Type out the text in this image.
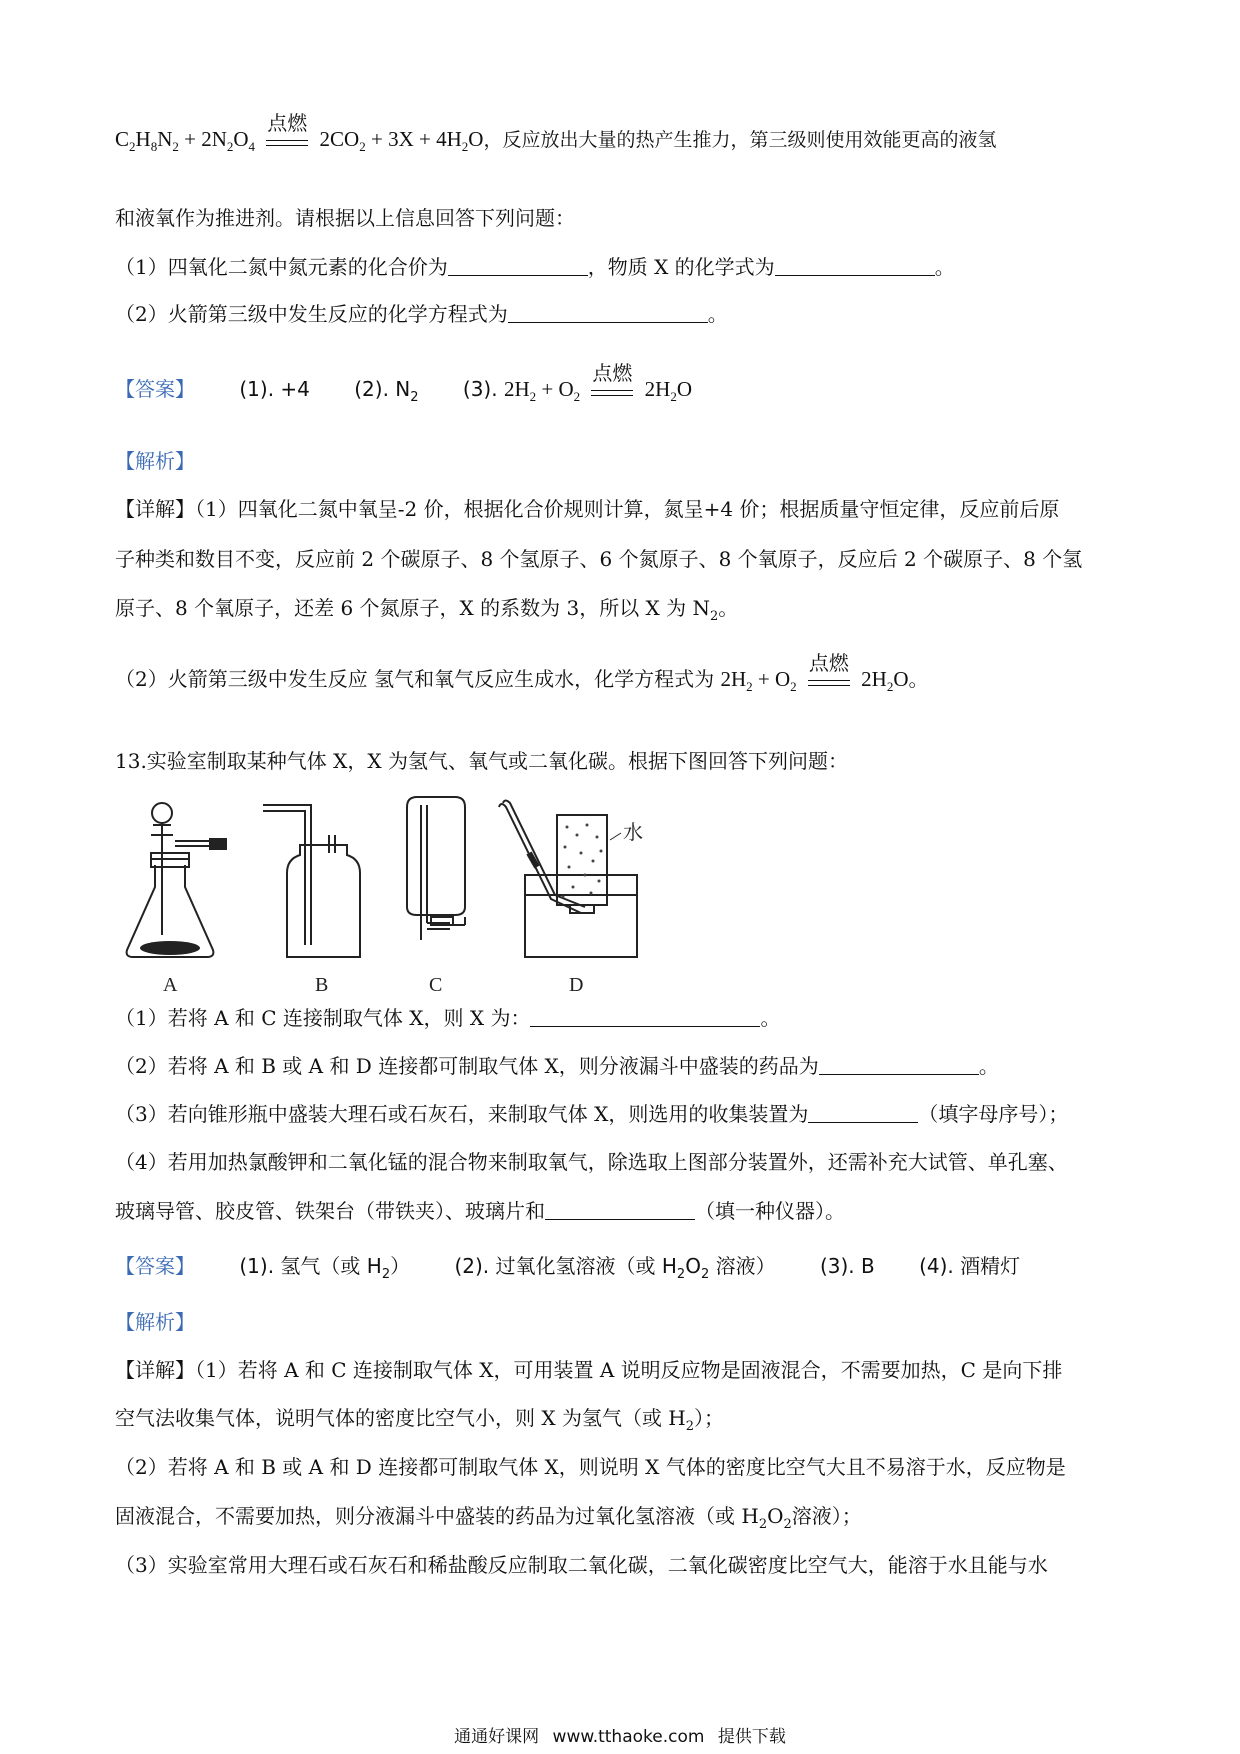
$C_2H_8N_2 + 2N_2O_4$
点燃
$2CO_2 + 3X + 4H_2O$，反应放出大量的热产生推力，第三级则使用效能更高的液氢
和液氧作为推进剂。请根据以上信息回答下列问题：
（1）四氧化二氮中氮元素的化合价为	，物质 X 的化学式为	。
（2）火箭第三级中发生反应的化学方程式为	。
【答案】 (1). +4 (2). $N_2$ (3). $2H_2 + O_2$
点燃
$2H_2O$
【解析】
【详解】（1）四氧化二氮中氧呈-2 价，根据化合价规则计算，氮呈+4 价；根据质量守恒定律，反应前后原
子种类和数目不变，反应前 2 个碳原子、8 个氢原子、6 个氮原子、8 个氧原子，反应后 2 个碳原子、8 个氢
原子、8 个氧原子，还差 6 个氮原子，X 的系数为 3，所以 X 为 $N_2$。
（2）火箭第三级中发生反应 氢气和氧气反应生成水，化学方程式为 $2H_2 + O_2$
点燃
$2H_2O$。
13.实验室制取某种气体 X，X 为氢气、氧气或二氧化碳。根据下图回答下列问题：
水
A	B	C	D
（1）若将 A 和 C 连接制取气体 X，则 X 为：	。
（2）若将 A 和 B 或 A 和 D 连接都可制取气体 X，则分液漏斗中盛装的药品为	。
（3）若向锥形瓶中盛装大理石或石灰石，来制取气体 X，则选用的收集装置为	（填字母序号）；
（4）若用加热氯酸钾和二氧化锰的混合物来制取氧气，除选取上图部分装置外，还需补充大试管、单孔塞、
玻璃导管、胶皮管、铁架台（带铁夹）、玻璃片和	（填一种仪器）。
【答案】 (1). 氢气（或 $H_2$） (2). 过氧化氢溶液（或 $H_2O_2$ 溶液） (3). B (4). 酒精灯
【解析】
【详解】（1）若将 A 和 C 连接制取气体 X，可用装置 A 说明反应物是固液混合，不需要加热，C 是向下排
空气法收集气体，说明气体的密度比空气小，则 X 为氢气（或 $H_2$）；
（2）若将 A 和 B 或 A 和 D 连接都可制取气体 X，则说明 X 气体的密度比空气大且不易溶于水，反应物是
固液混合，不需要加热，则分液漏斗中盛装的药品为过氧化氢溶液（或 $H_2O_2$溶液）；
（3）实验室常用大理石或石灰石和稀盐酸反应制取二氧化碳，二氧化碳密度比空气大，能溶于水且能与水
通通好课网 www.tthaoke.com 提供下载
